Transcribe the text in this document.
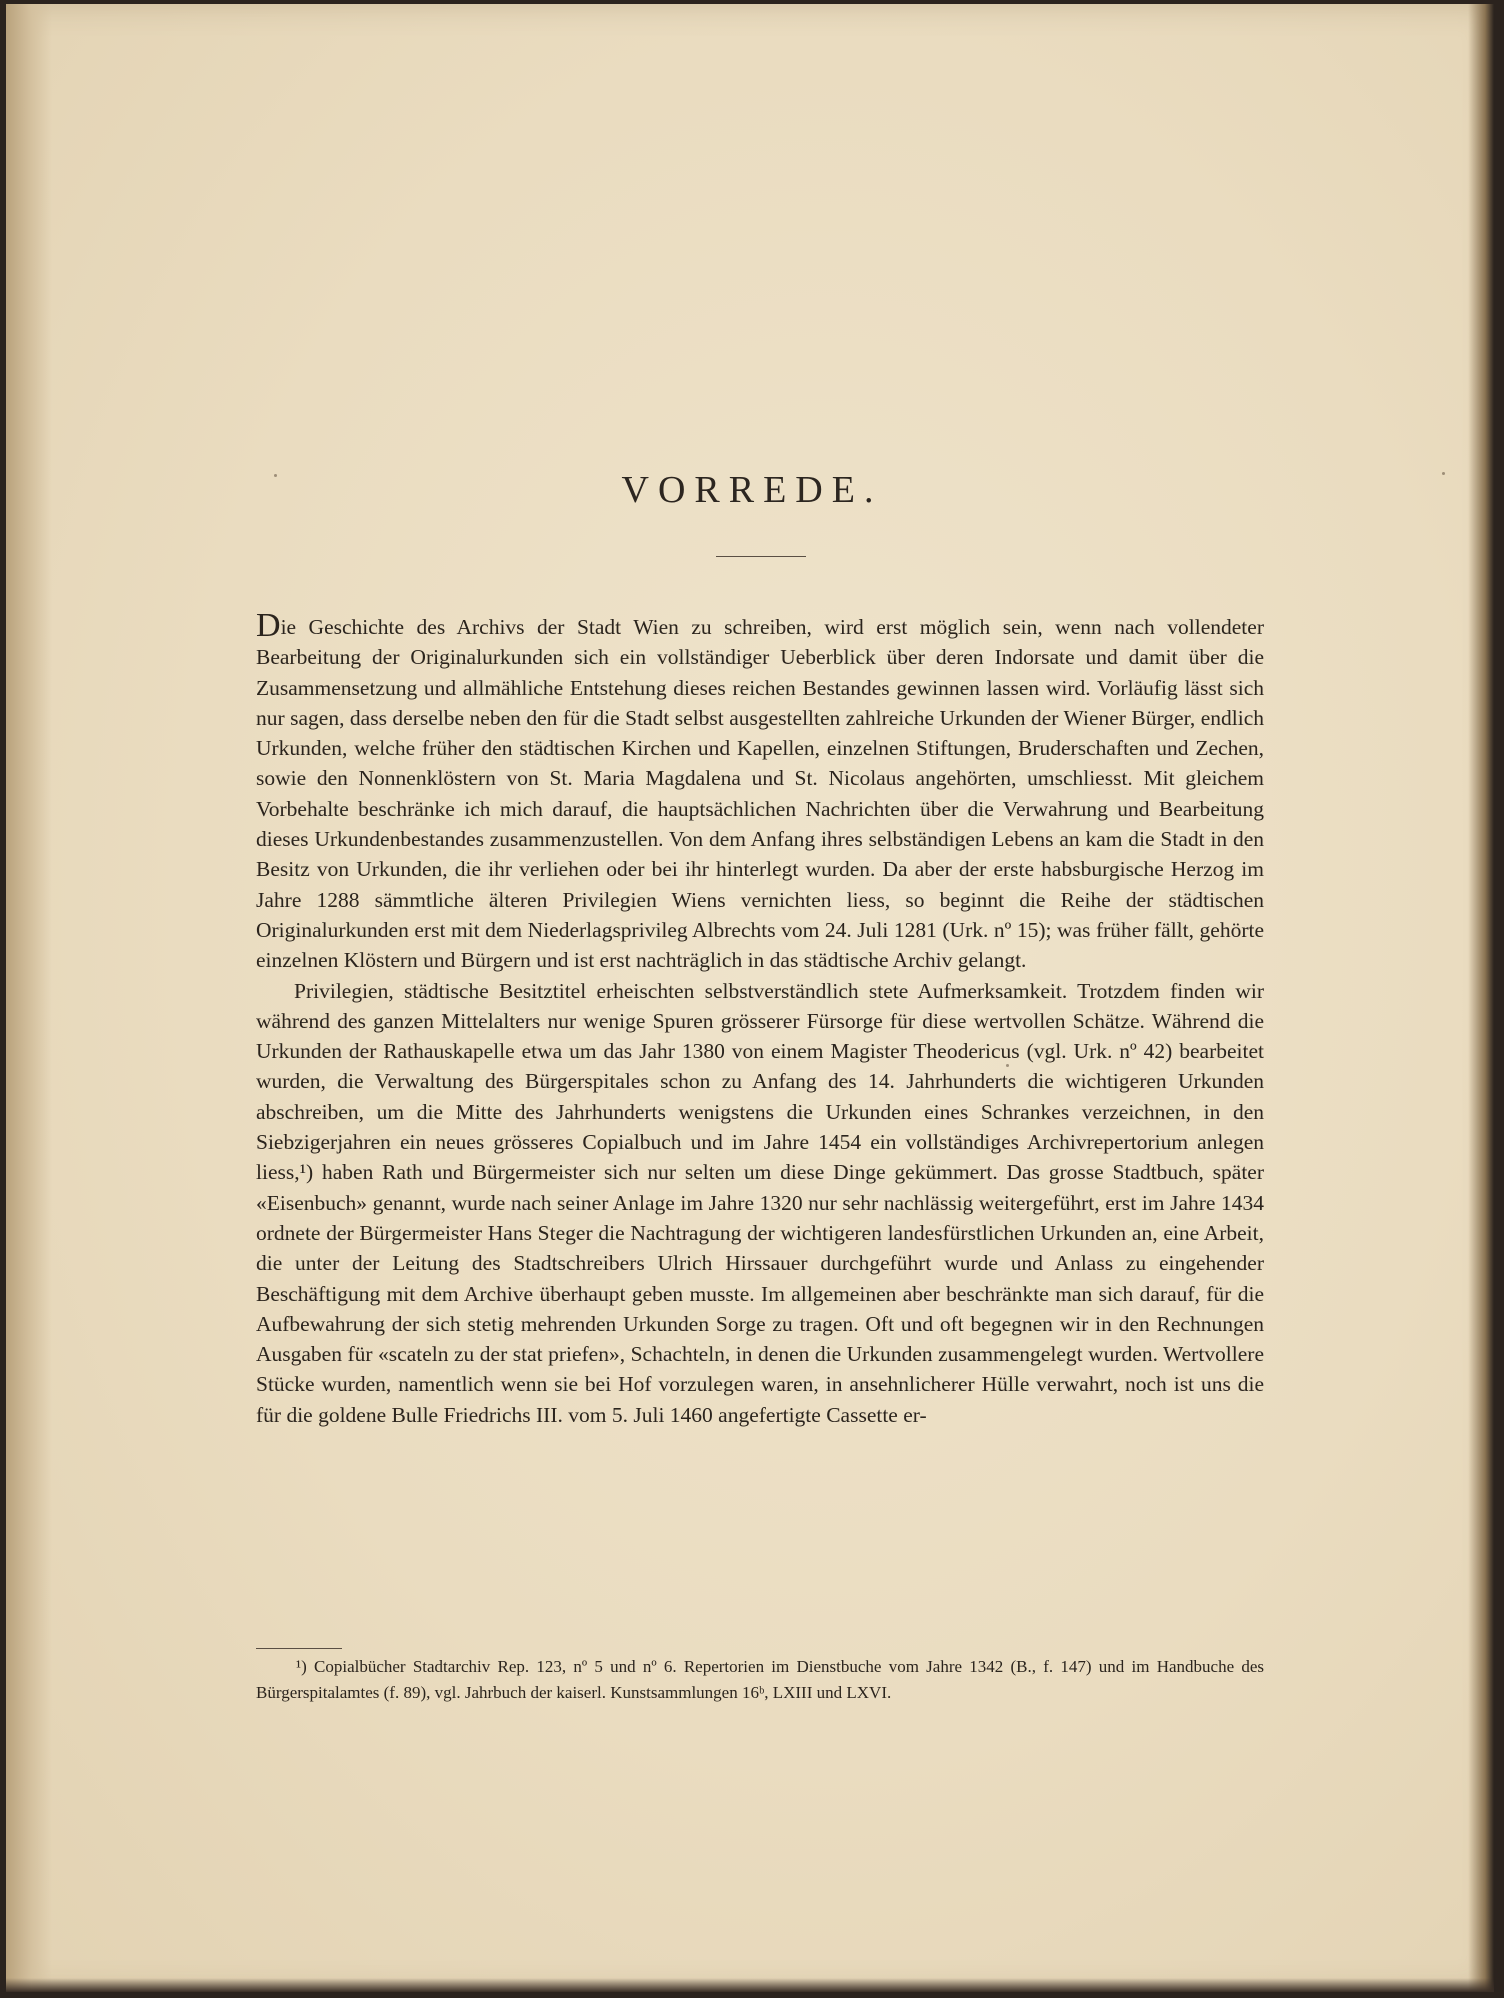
VORREDE.

Die Geschichte des Archivs der Stadt Wien zu schreiben, wird erst möglich sein, wenn nach vollendeter Bearbeitung der Originalurkunden sich ein vollständiger Ueberblick über deren Indorsate und damit über die Zusammensetzung und allmähliche Entstehung dieses reichen Bestandes gewinnen lassen wird. Vorläufig lässt sich nur sagen, dass derselbe neben den für die Stadt selbst ausgestellten zahlreiche Urkunden der Wiener Bürger, endlich Urkunden, welche früher den städtischen Kirchen und Kapellen, einzelnen Stiftungen, Bruderschaften und Zechen, sowie den Nonnenklöstern von St. Maria Magdalena und St. Nicolaus angehörten, umschliesst. Mit gleichem Vorbehalte beschränke ich mich darauf, die hauptsächlichen Nachrichten über die Verwahrung und Bearbeitung dieses Urkundenbestandes zusammenzustellen. Von dem Anfang ihres selbständigen Lebens an kam die Stadt in den Besitz von Urkunden, die ihr verliehen oder bei ihr hinterlegt wurden. Da aber der erste habsburgische Herzog im Jahre 1288 sämmtliche älteren Privilegien Wiens vernichten liess, so beginnt die Reihe der städtischen Originalurkunden erst mit dem Niederlagsprivileg Albrechts vom 24. Juli 1281 (Urk. nº 15); was früher fällt, gehörte einzelnen Klöstern und Bürgern und ist erst nachträglich in das städtische Archiv gelangt.

Privilegien, städtische Besitztitel erheischten selbstverständlich stete Aufmerksamkeit. Trotzdem finden wir während des ganzen Mittelalters nur wenige Spuren grösserer Fürsorge für diese wertvollen Schätze. Während die Urkunden der Rathauskapelle etwa um das Jahr 1380 von einem Magister Theodericus (vgl. Urk. nº 42) bearbeitet wurden, die Verwaltung des Bürgerspitales schon zu Anfang des 14. Jahrhunderts die wichtigeren Urkunden abschreiben, um die Mitte des Jahrhunderts wenigstens die Urkunden eines Schrankes verzeichnen, in den Siebzigerjahren ein neues grösseres Copialbuch und im Jahre 1454 ein vollständiges Archivrepertorium anlegen liess,¹) haben Rath und Bürgermeister sich nur selten um diese Dinge gekümmert. Das grosse Stadtbuch, später «Eisenbuch» genannt, wurde nach seiner Anlage im Jahre 1320 nur sehr nachlässig weitergeführt, erst im Jahre 1434 ordnete der Bürgermeister Hans Steger die Nachtragung der wichtigeren landesfürstlichen Urkunden an, eine Arbeit, die unter der Leitung des Stadtschreibers Ulrich Hirssauer durchgeführt wurde und Anlass zu eingehender Beschäftigung mit dem Archive überhaupt geben musste. Im allgemeinen aber beschränkte man sich darauf, für die Aufbewahrung der sich stetig mehrenden Urkunden Sorge zu tragen. Oft und oft begegnen wir in den Rechnungen Ausgaben für «scateln zu der stat priefen», Schachteln, in denen die Urkunden zusammengelegt wurden. Wertvollere Stücke wurden, namentlich wenn sie bei Hof vorzulegen waren, in ansehnlicherer Hülle verwahrt, noch ist uns die für die goldene Bulle Friedrichs III. vom 5. Juli 1460 angefertigte Cassette er-

¹) Copialbücher Stadtarchiv Rep. 123, nº 5 und nº 6. Repertorien im Dienstbuche vom Jahre 1342 (B., f. 147) und im Handbuche des Bürgerspitalamtes (f. 89), vgl. Jahrbuch der kaiserl. Kunstsammlungen 16ᵇ, LXIII und LXVI.
